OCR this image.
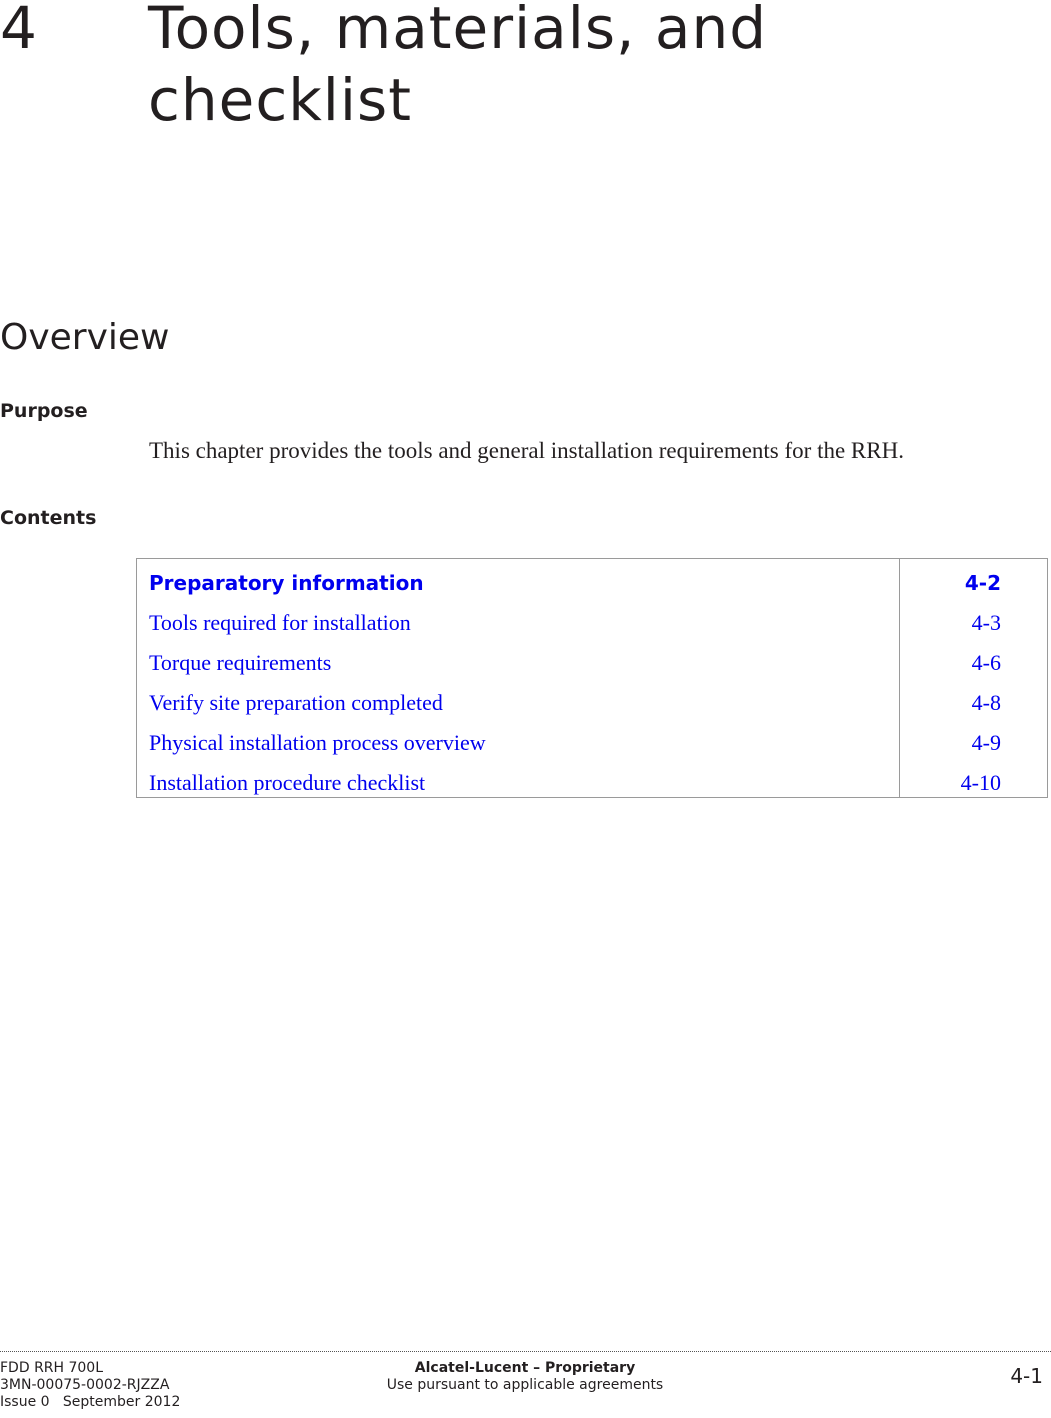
4 Tools, materials, and checklist
Overview
Purpose
This chapter provides the tools and general installation requirements for the RRH.
Contents
Preparatory information	4-2
Tools required for installation	4-3
Torque requirements	4-6
Verify site preparation completed	4-8
Physical installation process overview	4-9
Installation procedure checklist	4-10
FDD RRH 700L
3MN-00075-0002-RJZZA
Issue 0   September 2012
Alcatel-Lucent – Proprietary
Use pursuant to applicable agreements	4-1
